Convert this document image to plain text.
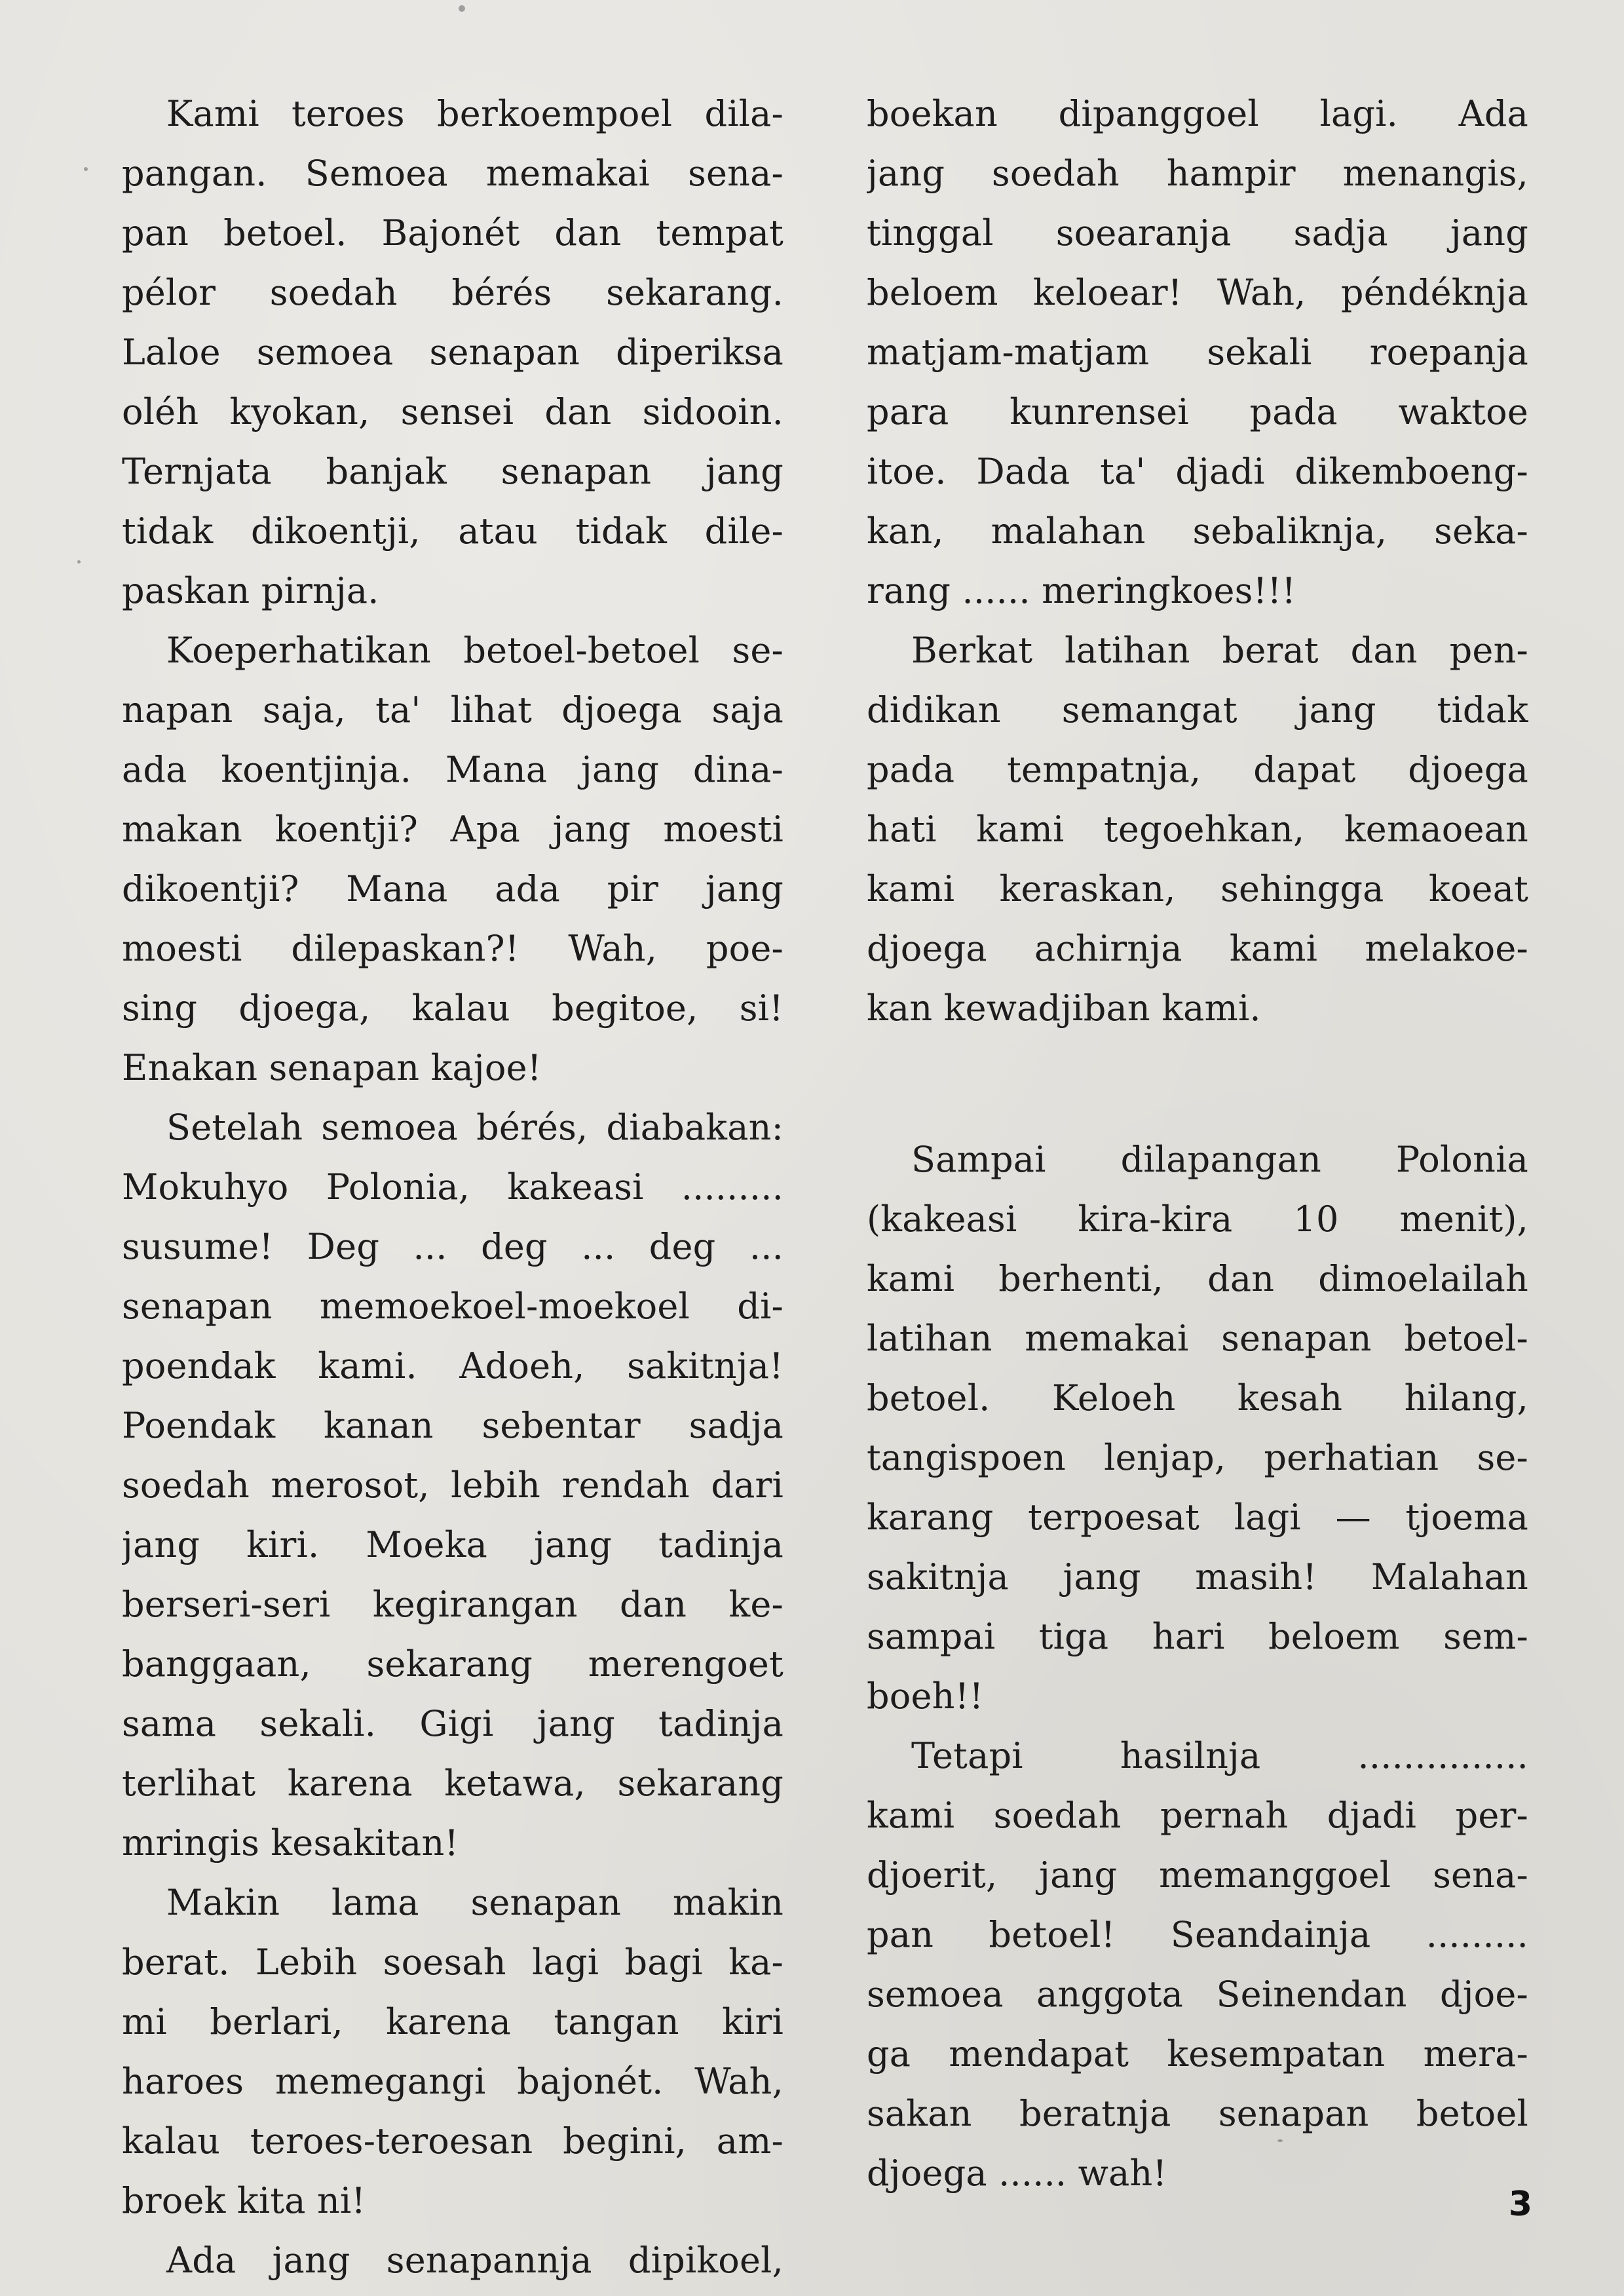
Kami teroes berkoempoel dila-
pangan. Semoea memakai sena-
pan betoel. Bajonét dan tempat
pélor soedah bérés sekarang.
Laloe semoea senapan diperiksa
oléh kyokan, sensei dan sidooin.
Ternjata banjak senapan jang
tidak dikoentji, atau tidak dile-
paskan pirnja.
Koeperhatikan betoel-betoel se-
napan saja, ta' lihat djoega saja
ada koentjinja. Mana jang dina-
makan koentji? Apa jang moesti
dikoentji? Mana ada pir jang
moesti dilepaskan?! Wah, poe-
sing djoega, kalau begitoe, si!
Enakan senapan kajoe!
Setelah semoea bérés, diabakan:
Mokuhyo Polonia, kakeasi .........
susume! Deg ... deg ... deg ...
senapan memoekoel-moekoel di-
poendak kami. Adoeh, sakitnja!
Poendak kanan sebentar sadja
soedah merosot, lebih rendah dari
jang kiri. Moeka jang tadinja
berseri-seri kegirangan dan ke-
banggaan, sekarang merengoet
sama sekali. Gigi jang tadinja
terlihat karena ketawa, sekarang
mringis kesakitan!
Makin lama senapan makin
berat. Lebih soesah lagi bagi ka-
mi berlari, karena tangan kiri
haroes memegangi bajonét. Wah,
kalau teroes-teroesan begini, am-
broek kita ni!
Ada jang senapannja dipikoel,
boekan dipanggoel lagi. Ada
jang soedah hampir menangis,
tinggal soearanja sadja jang
beloem keloear! Wah, péndéknja
matjam-matjam sekali roepanja
para kunrensei pada waktoe
itoe. Dada ta' djadi dikemboeng-
kan, malahan sebaliknja, seka-
rang ...... meringkoes!!!
Berkat latihan berat dan pen-
didikan semangat jang tidak
pada tempatnja, dapat djoega
hati kami tegoehkan, kemaoean
kami keraskan, sehingga koeat
djoega achirnja kami melakoe-
kan kewadjiban kami.
Sampai dilapangan Polonia
(kakeasi kira-kira 10 menit),
kami berhenti, dan dimoelailah
latihan memakai senapan betoel-
betoel. Keloeh kesah hilang,
tangispoen lenjap, perhatian se-
karang terpoesat lagi — tjoema
sakitnja jang masih! Malahan
sampai tiga hari beloem sem-
boeh!!
Tetapi hasilnja ...............
kami soedah pernah djadi per-
djoerit, jang memanggoel sena-
pan betoel! Seandainja .........
semoea anggota Seinendan djoe-
ga mendapat kesempatan mera-
sakan beratnja senapan betoel
djoega ...... wah!
3
